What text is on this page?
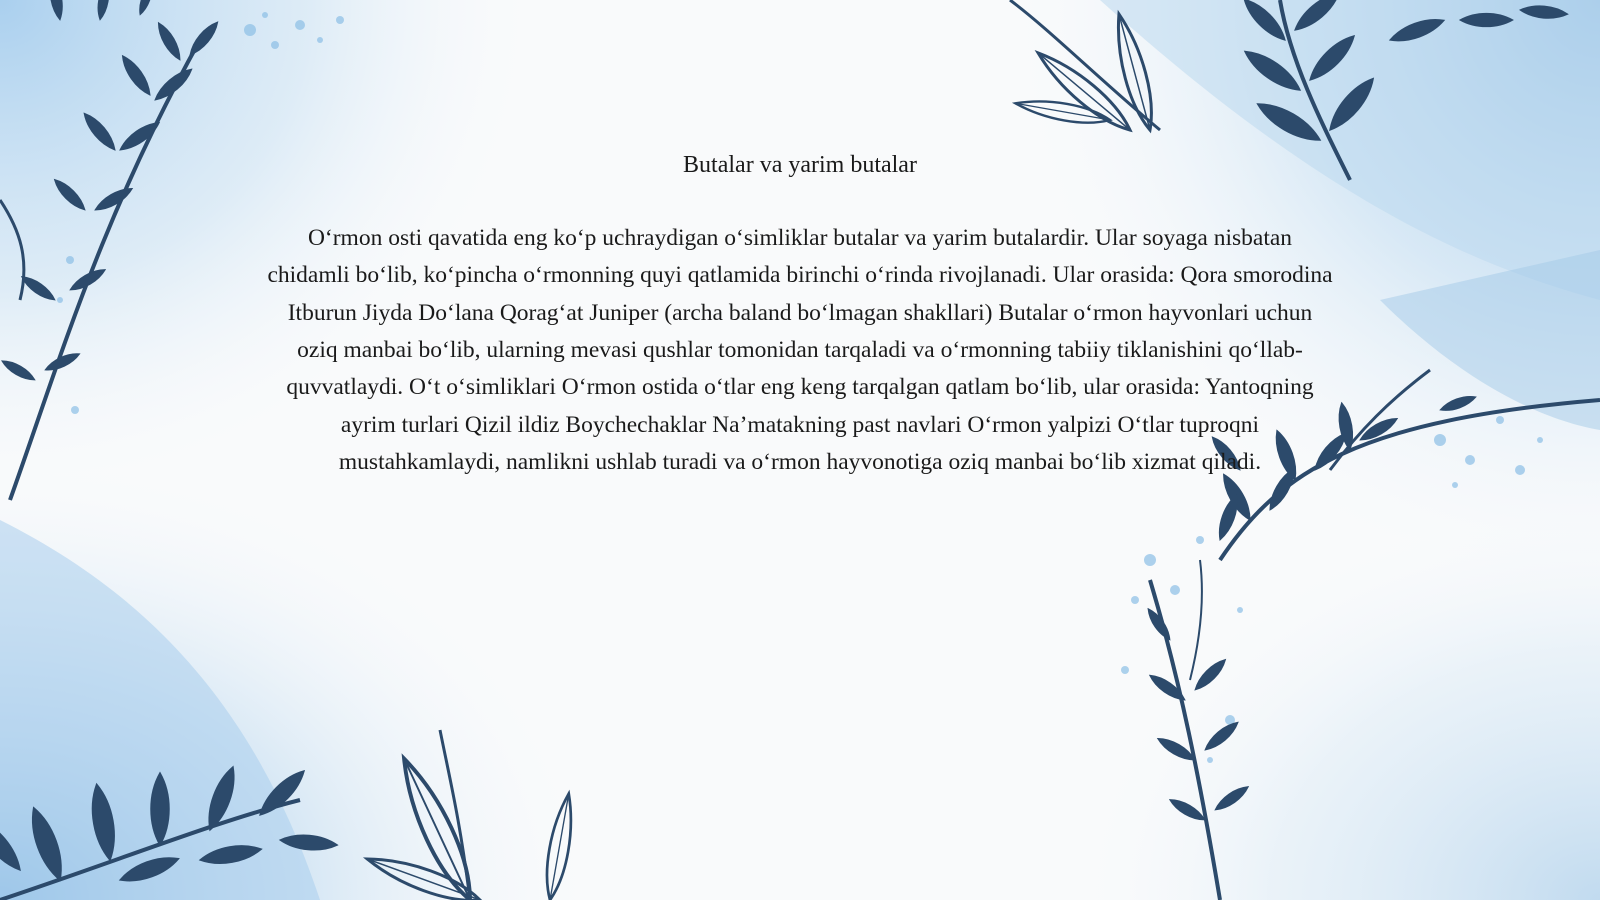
Butalar va yarim butalar

O‘rmon osti qavatida eng ko‘p uchraydigan o‘simliklar butalar va yarim butalardir. Ular soyaga nisbatan chidamli bo‘lib, ko‘pincha o‘rmonning quyi qatlamida birinchi o‘rinda rivojlanadi. Ular orasida: Qora smorodina Itburun Jiyda Do‘lana Qorag‘at Juniper (archa baland bo‘lmagan shakllari) Butalar o‘rmon hayvonlari uchun oziq manbai bo‘lib, ularning mevasi qushlar tomonidan tarqaladi va o‘rmonning tabiiy tiklanishini qo‘llab-quvvatlaydi. O‘t o‘simliklari O‘rmon ostida o‘tlar eng keng tarqalgan qatlam bo‘lib, ular orasida: Yantoqning ayrim turlari Qizil ildiz Boychechaklar Na’matakning past navlari O‘rmon yalpizi O‘tlar tuproqni mustahkamlaydi, namlikni ushlab turadi va o‘rmon hayvonotiga oziq manbai bo‘lib xizmat qiladi.
